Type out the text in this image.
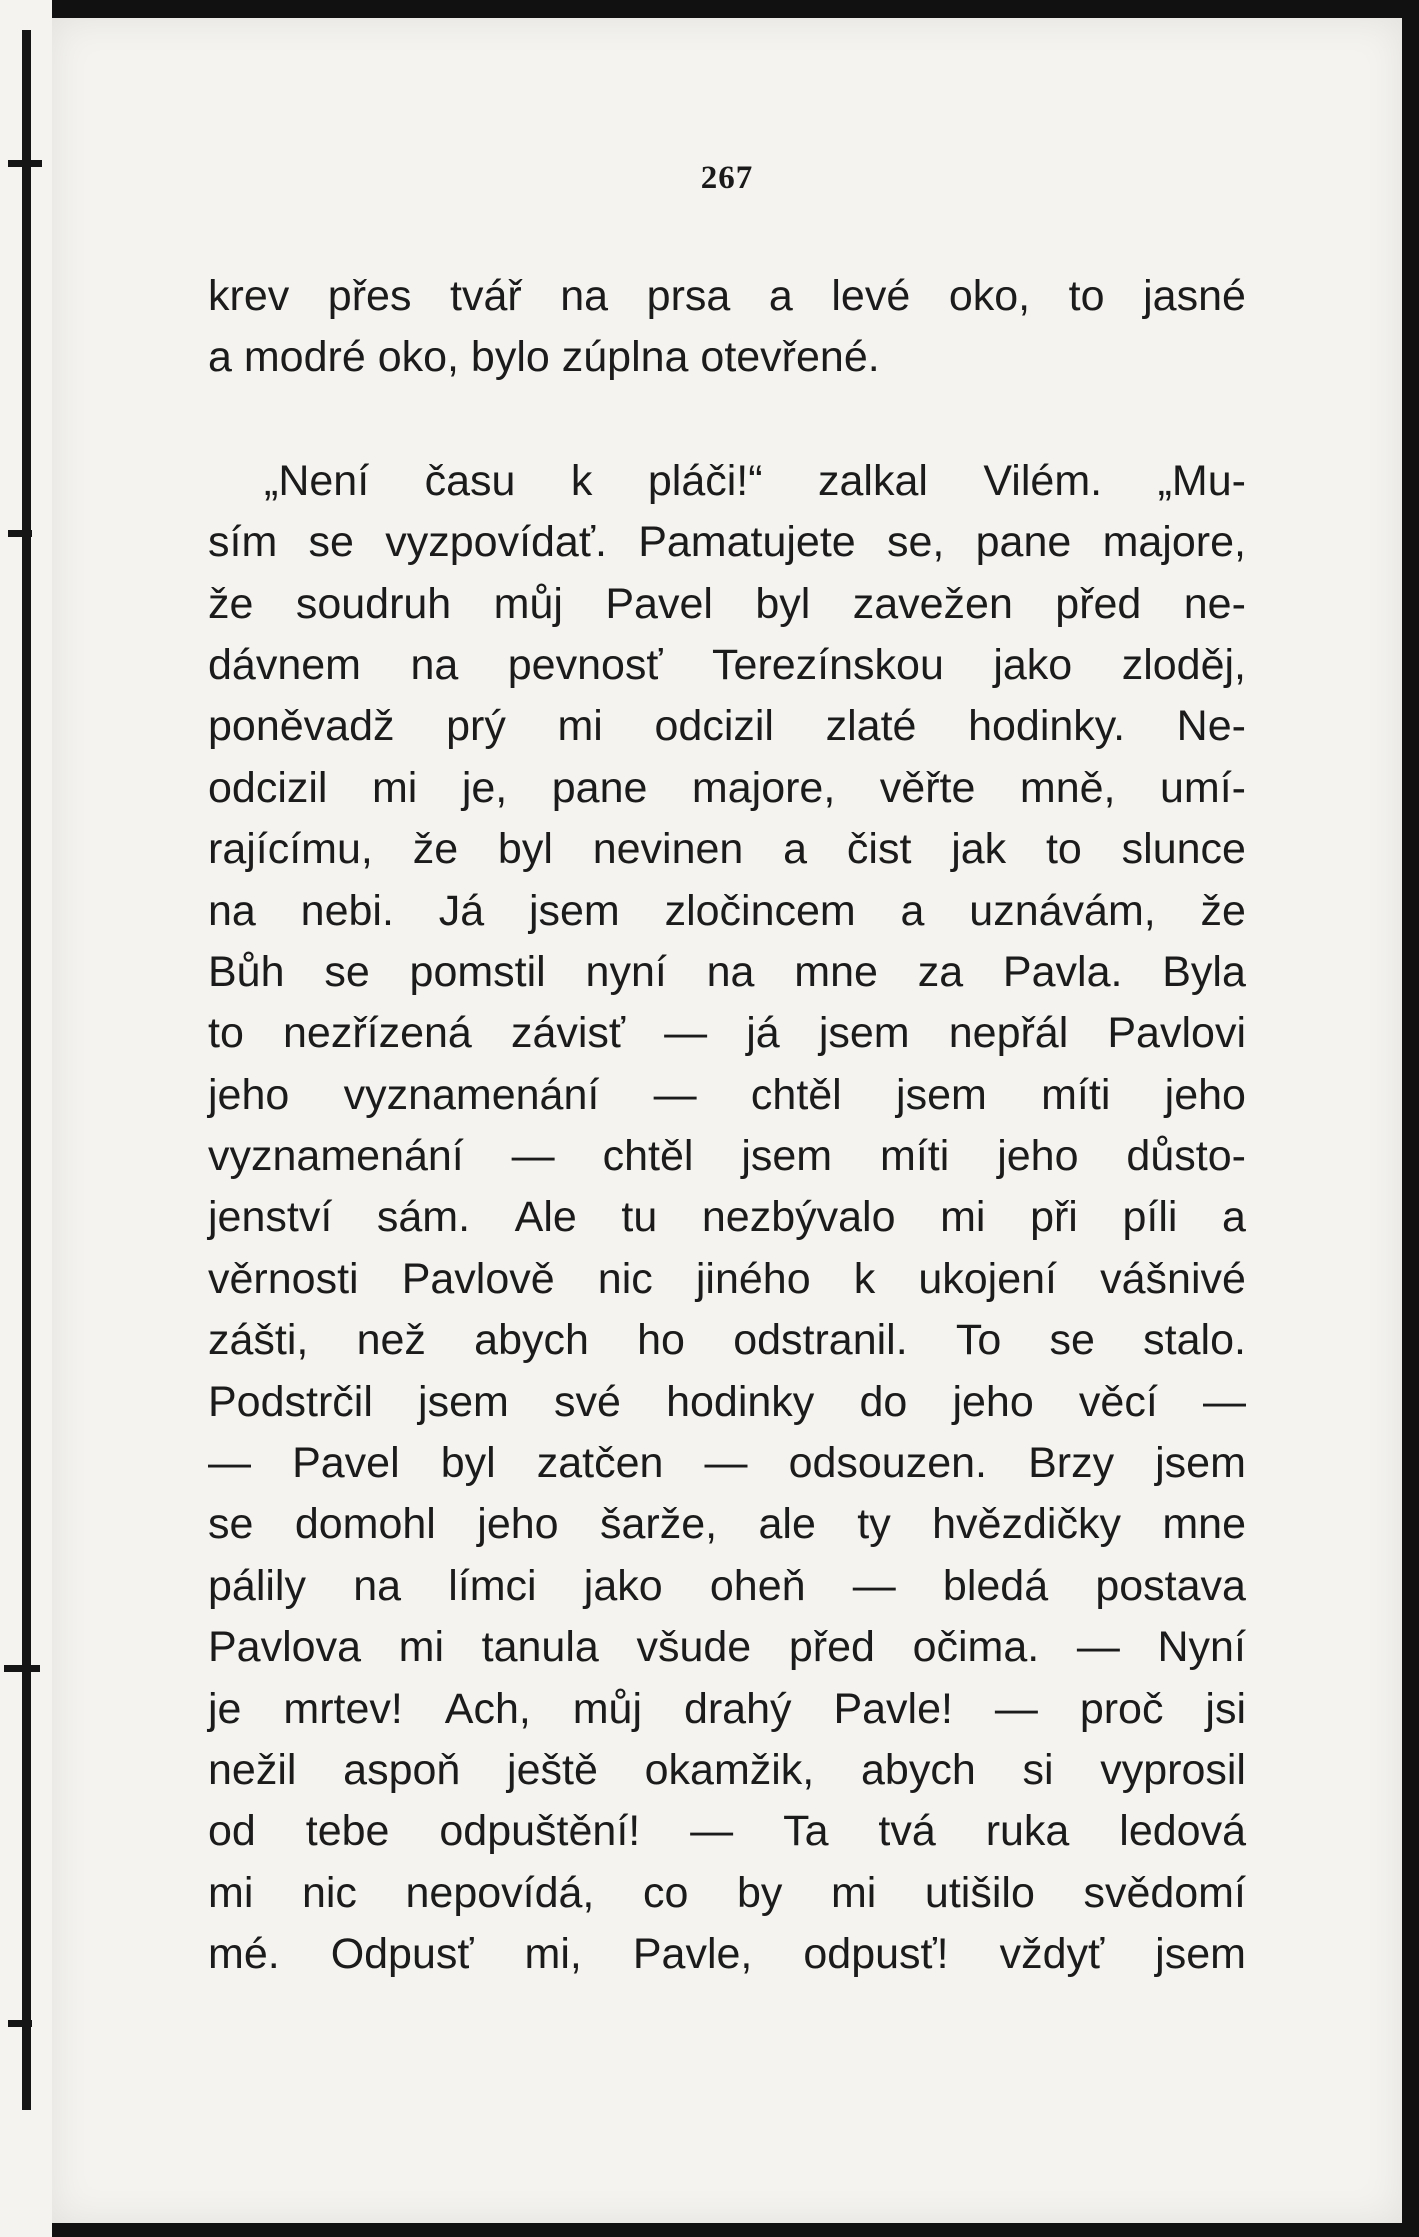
267
krev přes tvář na prsa a levé oko, to jasné
a modré oko, bylo zúplna otevřené.
„Není času k pláči!“ zalkal Vilém. „Mu-
sím se vyzpovídať. Pamatujete se, pane majore,
že soudruh můj Pavel byl zavežen před ne-
dávnem na pevnosť Terezínskou jako zloděj,
poněvadž prý mi odcizil zlaté hodinky. Ne-
odcizil mi je, pane majore, věřte mně, umí-
rajícímu, že byl nevinen a čist jak to slunce
na nebi. Já jsem zločincem a uznávám, že
Bůh se pomstil nyní na mne za Pavla. Byla
to nezřízená závisť — já jsem nepřál Pavlovi
jeho vyznamenání — chtěl jsem míti jeho
vyznamenání — chtěl jsem míti jeho důsto-
jenství sám. Ale tu nezbývalo mi při píli a
věrnosti Pavlově nic jiného k ukojení vášnivé
zášti, než abych ho odstranil. To se stalo.
Podstrčil jsem své hodinky do jeho věcí —
— Pavel byl zatčen — odsouzen. Brzy jsem
se domohl jeho šarže, ale ty hvězdičky mne
pálily na límci jako oheň — bledá postava
Pavlova mi tanula všude před očima. — Nyní
je mrtev! Ach, můj drahý Pavle! — proč jsi
nežil aspoň ještě okamžik, abych si vyprosil
od tebe odpuštění! — Ta tvá ruka ledová
mi nic nepovídá, co by mi utišilo svědomí
mé. Odpusť mi, Pavle, odpusť! vždyť jsem
